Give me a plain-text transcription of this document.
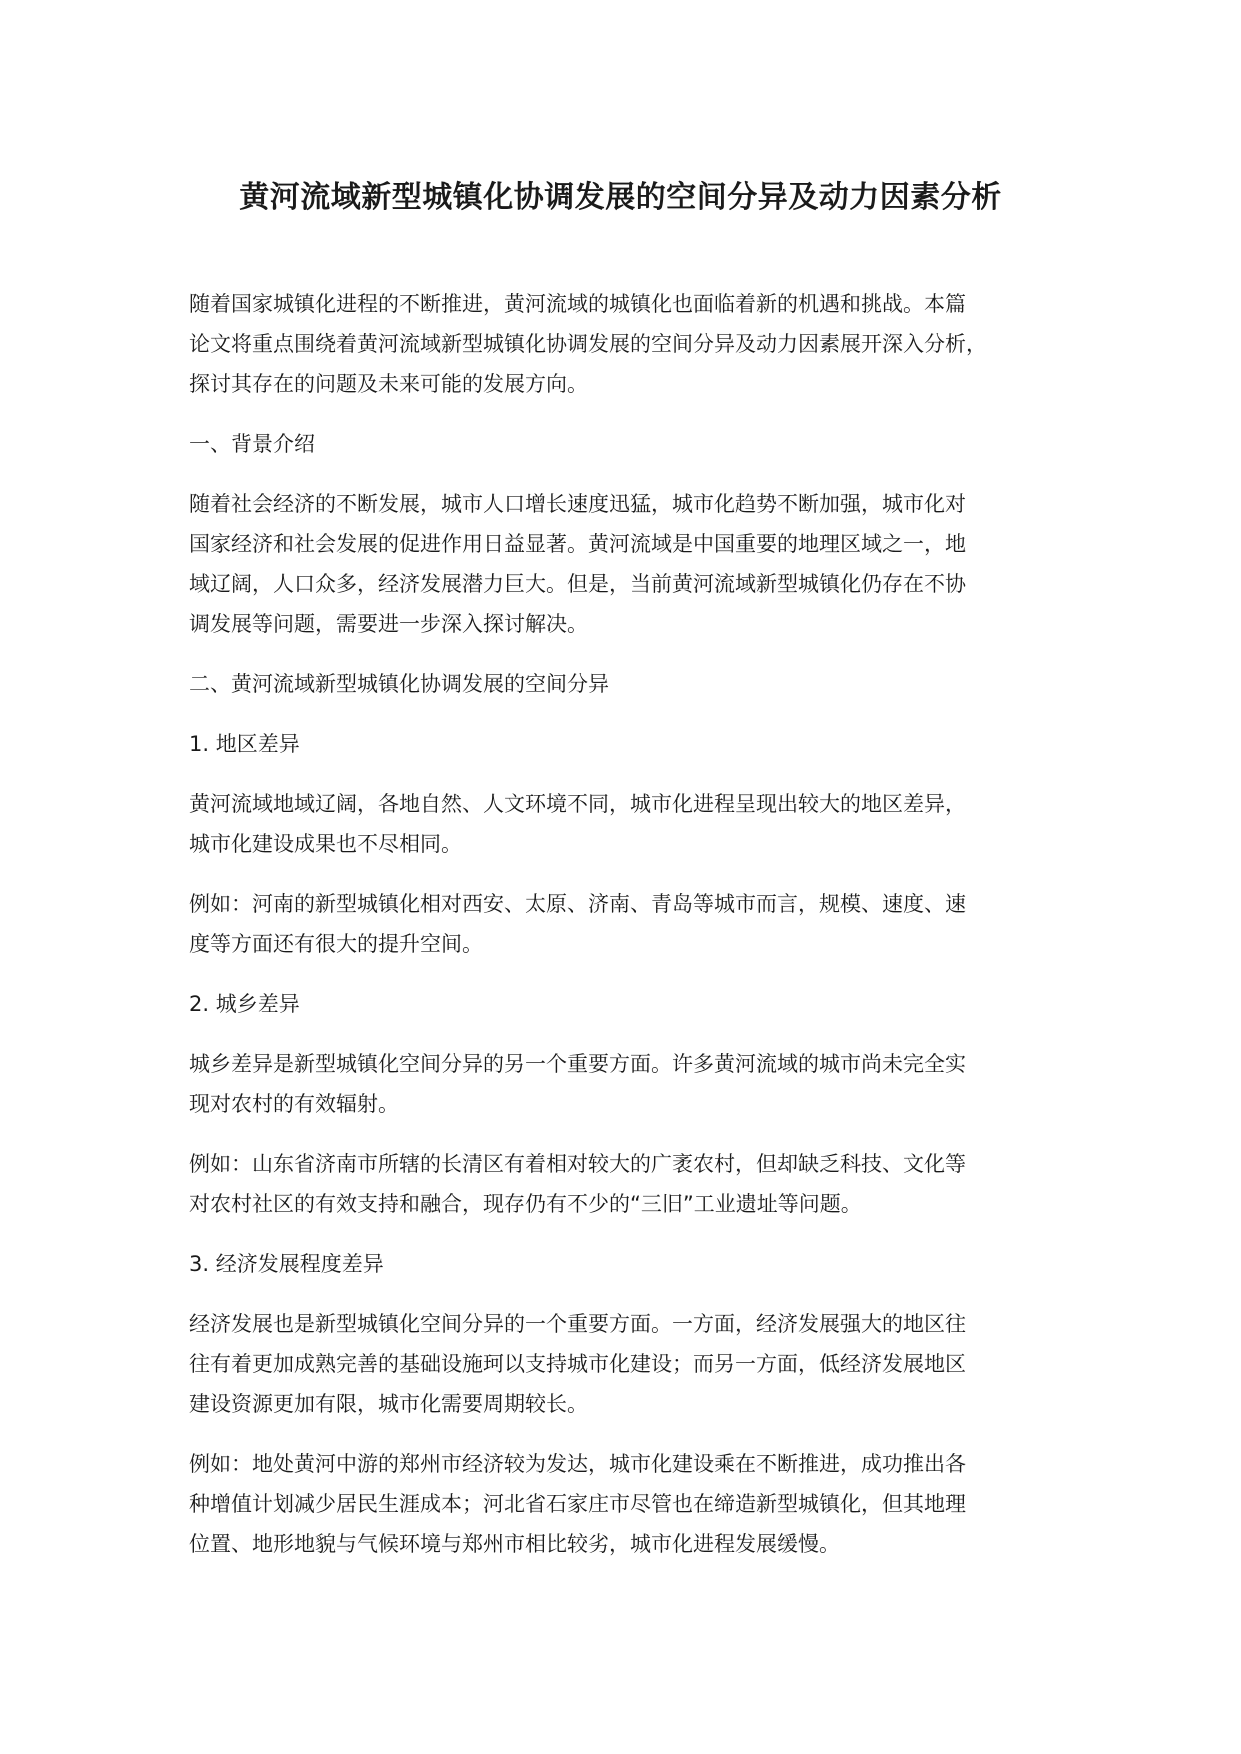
黄河流域新型城镇化协调发展的空间分异及动力因素分析

随着国家城镇化进程的不断推进，黄河流域的城镇化也面临着新的机遇和挑战。本篇
论文将重点围绕着黄河流域新型城镇化协调发展的空间分异及动力因素展开深入分析，
探讨其存在的问题及未来可能的发展方向。

一、背景介绍

随着社会经济的不断发展，城市人口增长速度迅猛，城市化趋势不断加强，城市化对
国家经济和社会发展的促进作用日益显著。黄河流域是中国重要的地理区域之一，地
域辽阔，人口众多，经济发展潜力巨大。但是，当前黄河流域新型城镇化仍存在不协
调发展等问题，需要进一步深入探讨解决。

二、黄河流域新型城镇化协调发展的空间分异

1. 地区差异

黄河流域地域辽阔，各地自然、人文环境不同，城市化进程呈现出较大的地区差异，
城市化建设成果也不尽相同。

例如：河南的新型城镇化相对西安、太原、济南、青岛等城市而言，规模、速度、速
度等方面还有很大的提升空间。

2. 城乡差异

城乡差异是新型城镇化空间分异的另一个重要方面。许多黄河流域的城市尚未完全实
现对农村的有效辐射。

例如：山东省济南市所辖的长清区有着相对较大的广袤农村，但却缺乏科技、文化等
对农村社区的有效支持和融合，现存仍有不少的“三旧”工业遗址等问题。

3. 经济发展程度差异

经济发展也是新型城镇化空间分异的一个重要方面。一方面，经济发展强大的地区往
往有着更加成熟完善的基础设施珂以支持城市化建设；而另一方面，低经济发展地区
建设资源更加有限，城市化需要周期较长。

例如：地处黄河中游的郑州市经济较为发达，城市化建设乘在不断推进，成功推出各
种增值计划减少居民生涯成本；河北省石家庄市尽管也在缔造新型城镇化，但其地理
位置、地形地貌与气候环境与郑州市相比较劣，城市化进程发展缓慢。
